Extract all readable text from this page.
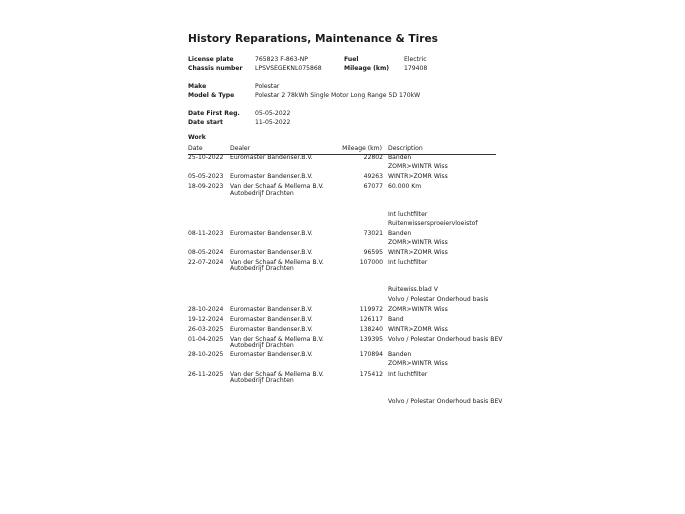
History Reparations, Maintenance & Tires
License plate	765823 F-863-NP	Fuel	Electric
Chassis number LPSVSEGEKNL075868	Mileage (km) 179408
Make	Polestar
Model & Type	Polestar 2 78kWh Single Motor Long Range 5D 170kW
Date First Reg. 05-05-2022
Date start	11-05-2022
Work
Date	Dealer	Mileage (km) Description
25-10-2022 Euromaster Bandenser.B.V.	22802 Banden
ZOMR>WINTR Wiss
05-05-2023 Euromaster Bandenser.B.V.	49263 WINTR>ZOMR Wiss
18-09-2023 Van der Schaaf & Mellema B.V.
Autobedrijf Drachten
67077 60.000 Km
Int luchtfilter
Ruitenwissersproeiervloeistof
08-11-2023 Euromaster Bandenser.B.V.	73021 Banden
ZOMR>WINTR Wiss
08-05-2024 Euromaster Bandenser.B.V.	96595 WINTR>ZOMR Wiss
22-07-2024 Van der Schaaf & Mellema B.V.
Autobedrijf Drachten
107000 Int luchtfilter
Ruitewiss.blad V
Volvo / Polestar Onderhoud basis
28-10-2024 Euromaster Bandenser.B.V.	119972 ZOMR>WINTR Wiss
19-12-2024 Euromaster Bandenser.B.V.	126117 Band
26-03-2025 Euromaster Bandenser.B.V.	138240 WINTR>ZOMR Wiss
01-04-2025 Van der Schaaf & Mellema B.V.
Autobedrijf Drachten
139395 Volvo / Polestar Onderhoud basis BEV
28-10-2025 Euromaster Bandenser.B.V.	170894 Banden
ZOMR>WINTR Wiss
26-11-2025 Van der Schaaf & Mellema B.V.
Autobedrijf Drachten
175412 Int luchtfilter
Volvo / Polestar Onderhoud basis BEV
